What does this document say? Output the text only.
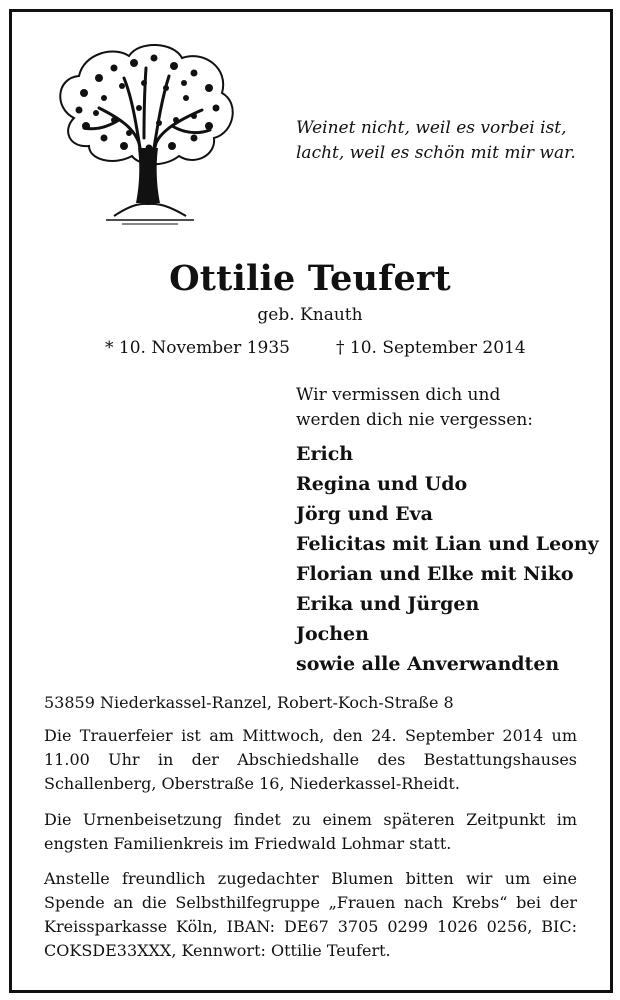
Weinet nicht, weil es vorbei ist,
lacht, weil es schön mit mir war.
Ottilie Teufert
geb. Knauth
* 10. November 1935	† 10. September 2014
Wir vermissen dich und
werden dich nie vergessen:
Erich
Regina und Udo
Jörg und Eva
Felicitas mit Lian und Leony
Florian und Elke mit Niko
Erika und Jürgen
Jochen
sowie alle Anverwandten
53859 Niederkassel-Ranzel, Robert-Koch-Straße 8

Die Trauerfeier ist am Mittwoch, den 24. September 2014 um 11.00 Uhr in der Abschiedshalle des Bestattungshauses Schallenberg, Oberstraße 16, Niederkassel-Rheidt.

Die Urnenbeisetzung findet zu einem späteren Zeitpunkt im engsten Familienkreis im Friedwald Lohmar statt.

Anstelle freundlich zugedachter Blumen bitten wir um eine Spende an die Selbsthilfegruppe „Frauen nach Krebs“ bei der Kreissparkasse Köln, IBAN: DE67 3705 0299 1026 0256, BIC: COKSDE33XXX, Kennwort: Ottilie Teufert.
